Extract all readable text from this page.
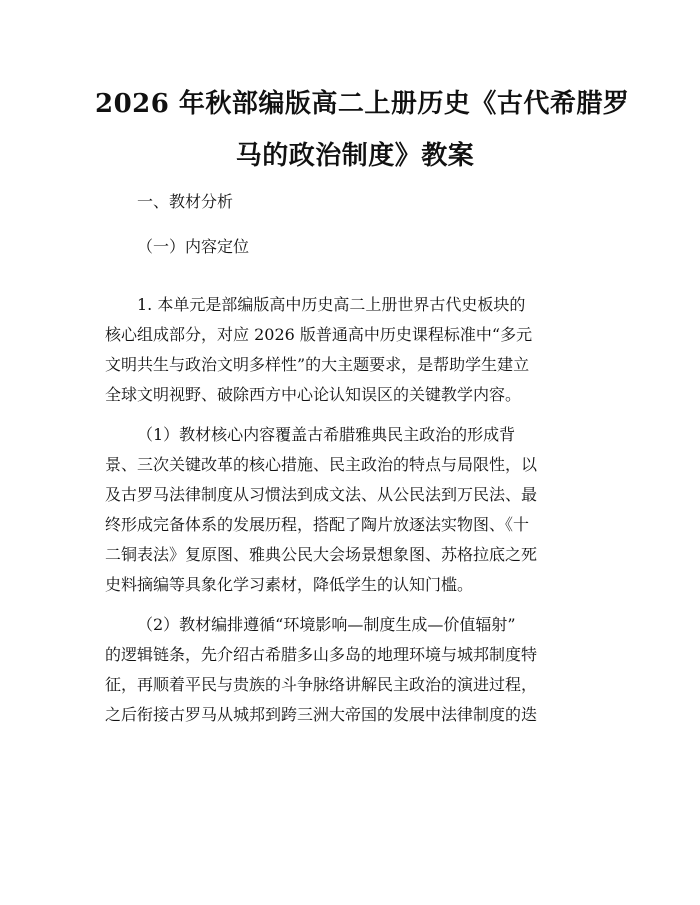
2026 年秋部编版高二上册历史《古代希腊罗
马的政治制度》教案
一、教材分析
（一）内容定位
1. 本单元是部编版高中历史高二上册世界古代史板块的
核心组成部分，对应 2026 版普通高中历史课程标准中“多元
文明共生与政治文明多样性”的大主题要求，是帮助学生建立
全球文明视野、破除西方中心论认知误区的关键教学内容。
（1）教材核心内容覆盖古希腊雅典民主政治的形成背
景、三次关键改革的核心措施、民主政治的特点与局限性，以
及古罗马法律制度从习惯法到成文法、从公民法到万民法、最
终形成完备体系的发展历程，搭配了陶片放逐法实物图、《十
二铜表法》复原图、雅典公民大会场景想象图、苏格拉底之死
史料摘编等具象化学习素材，降低学生的认知门槛。
（2）教材编排遵循“环境影响—制度生成—价值辐射”
的逻辑链条，先介绍古希腊多山多岛的地理环境与城邦制度特
征，再顺着平民与贵族的斗争脉络讲解民主政治的演进过程，
之后衔接古罗马从城邦到跨三洲大帝国的发展中法律制度的迭
